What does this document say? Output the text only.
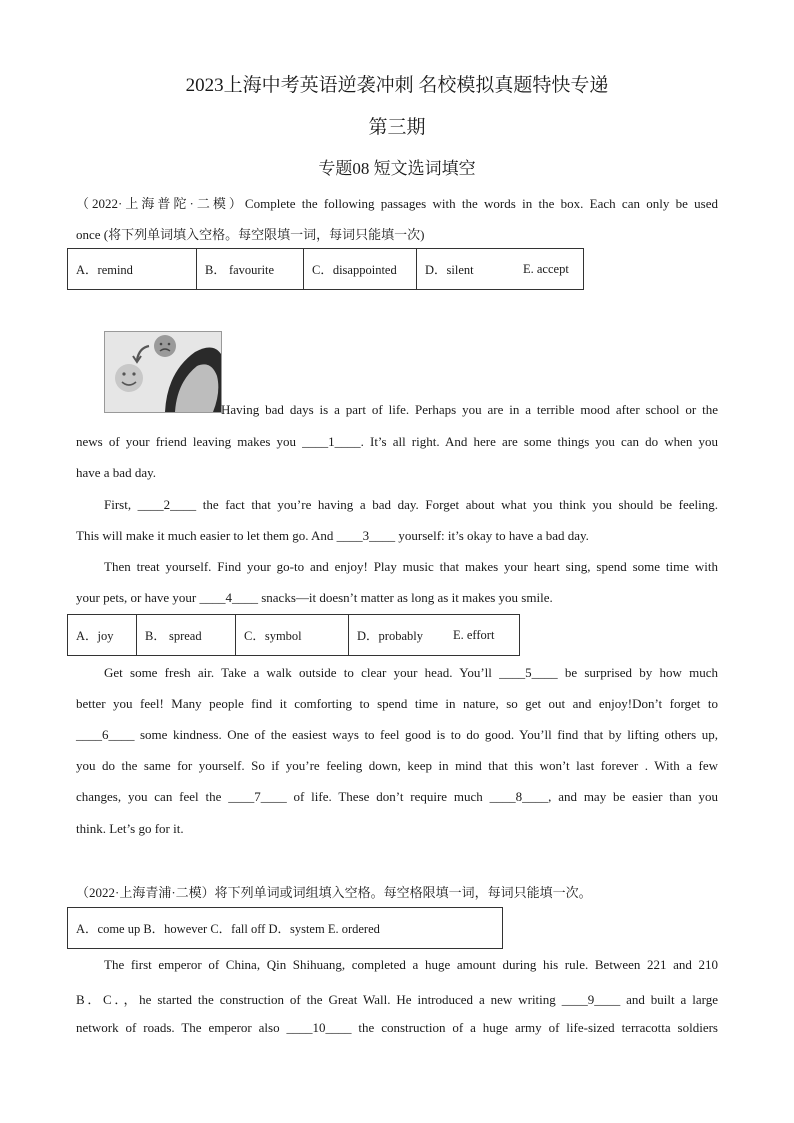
2023上海中考英语逆袭冲刺 名校模拟真题特快专递
第三期
专题08 短文选词填空
（2022·上海普陀·二模）Complete the following passages with the words in the box. Each can only be used
once (将下列单词填入空格。每空限填一词，每词只能填一次)
A．remind	B． favourite	C．disappointed	D．silent	E. accept
Having bad days is a part of life. Perhaps you are in a terrible mood after school or the
news of your friend leaving makes you ____1____. It’s all right. And here are some things you can do when you
have a bad day.
First, ____2____ the fact that you’re having a bad day. Forget about what you think you should be feeling.
This will make it much easier to let them go. And ____3____ yourself: it’s okay to have a bad day.
Then treat yourself. Find your go-to and enjoy! Play music that makes your heart sing, spend some time with
your pets, or have your ____4____ snacks—it doesn’t matter as long as it makes you smile.
A．joy	B． spread	C．symbol	D．probably	E. effort
Get some fresh air. Take a walk outside to clear your head. You’ll ____5____ be surprised by how much
better you feel! Many people find it comforting to spend time in nature, so get out and enjoy!Don’t forget to
____6____ some kindness. One of the easiest ways to feel good is to do good. You’ll find that by lifting others up,
you do the same for yourself. So if you’re feeling down, keep in mind that this won’t last forever . With a few
changes, you can feel the ____7____ of life. These don’t require much ____8____, and may be easier than you
think. Let’s go for it.
（2022·上海青浦·二模）将下列单词或词组填入空格。每空格限填一词，每词只能填一次。
A．come up B．however C．fall off D．system E. ordered
The first emperor of China, Qin Shihuang, completed a huge amount during his rule. Between 221 and 210
B．C．，he started the construction of the Great Wall. He introduced a new writing ____9____ and built a large
network of roads. The emperor also ____10____ the construction of a huge army of life-sized terracotta soldiers
